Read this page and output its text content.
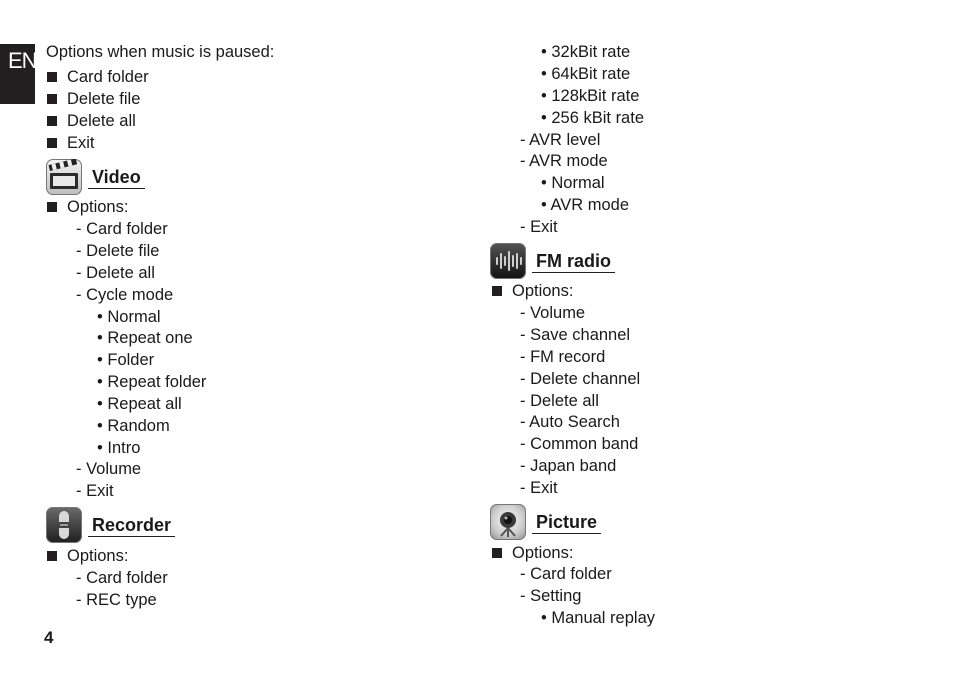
EN
4
Options when music is paused:
Card folder
Delete file
Delete all
Exit
Video
Options:
- Card folder
- Delete file
- Delete all
- Cycle mode
• Normal
• Repeat one
• Folder
• Repeat folder
• Repeat all
• Random
• Intro
- Volume
- Exit
Recorder
Options:
- Card folder
- REC type
• 32kBit rate
• 64kBit rate
• 128kBit rate
• 256 kBit rate
- AVR level
- AVR mode
• Normal
• AVR mode
- Exit
FM radio
Options:
- Volume
- Save channel
- FM record
- Delete channel
- Delete all
- Auto Search
- Common band
- Japan band
- Exit
Picture
Options:
- Card folder
- Setting
• Manual replay
